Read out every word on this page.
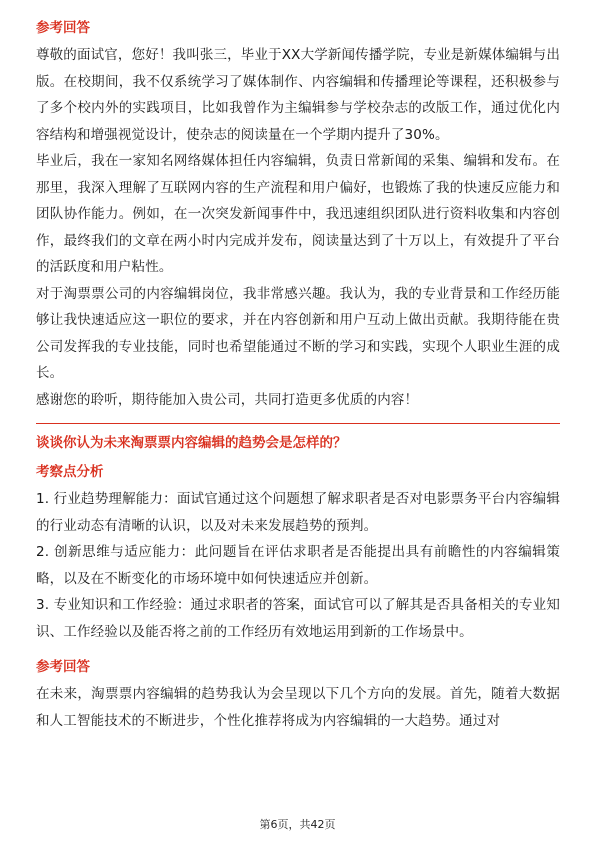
参考回答

尊敬的面试官，您好！我叫张三，毕业于XX大学新闻传播学院，专业是新媒体编辑与出版。在校期间，我不仅系统学习了媒体制作、内容编辑和传播理论等课程，还积极参与了多个校内外的实践项目，比如我曾作为主编辑参与学校杂志的改版工作，通过优化内容结构和增强视觉设计，使杂志的阅读量在一个学期内提升了30%。

毕业后，我在一家知名网络媒体担任内容编辑，负责日常新闻的采集、编辑和发布。在那里，我深入理解了互联网内容的生产流程和用户偏好，也锻炼了我的快速反应能力和团队协作能力。例如，在一次突发新闻事件中，我迅速组织团队进行资料收集和内容创作，最终我们的文章在两小时内完成并发布，阅读量达到了十万以上，有效提升了平台的活跃度和用户粘性。

对于淘票票公司的内容编辑岗位，我非常感兴趣。我认为，我的专业背景和工作经历能够让我快速适应这一职位的要求，并在内容创新和用户互动上做出贡献。我期待能在贵公司发挥我的专业技能，同时也希望能通过不断的学习和实践，实现个人职业生涯的成长。

感谢您的聆听，期待能加入贵公司，共同打造更多优质的内容！

谈谈你认为未来淘票票内容编辑的趋势会是怎样的？

考察点分析

1. 行业趋势理解能力：面试官通过这个问题想了解求职者是否对电影票务平台内容编辑的行业动态有清晰的认识，以及对未来发展趋势的预判。

2. 创新思维与适应能力：此问题旨在评估求职者是否能提出具有前瞻性的内容编辑策略，以及在不断变化的市场环境中如何快速适应并创新。

3. 专业知识和工作经验：通过求职者的答案，面试官可以了解其是否具备相关的专业知识、工作经验以及能否将之前的工作经历有效地运用到新的工作场景中。

参考回答

在未来，淘票票内容编辑的趋势我认为会呈现以下几个方向的发展。首先，随着大数据和人工智能技术的不断进步，个性化推荐将成为内容编辑的一大趋势。通过对

第6页，共42页
